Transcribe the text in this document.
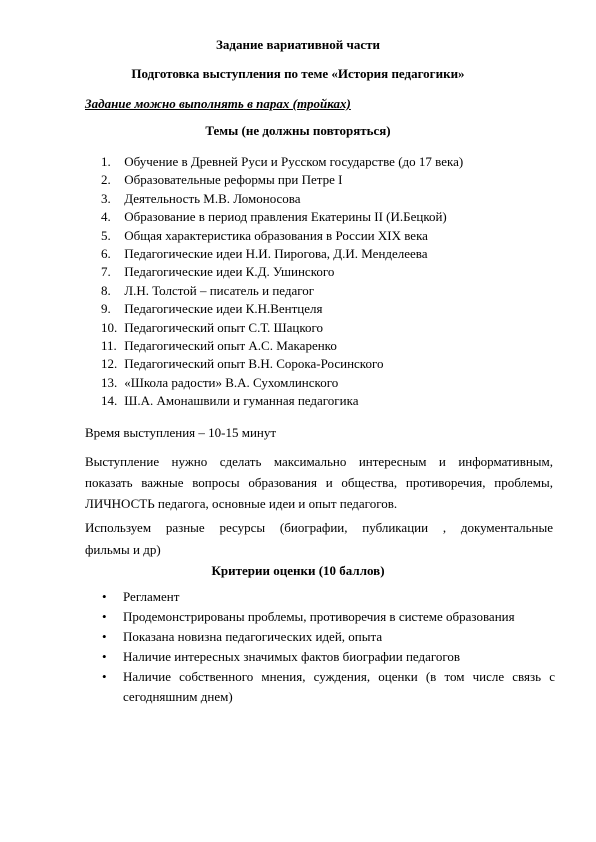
Задание вариативной части
Подготовка выступления по теме «История педагогики»
Задание можно выполнять в парах (тройках)
Темы (не должны повторяться)
1. Обучение в Древней Руси и Русском государстве (до 17 века)
2. Образовательные реформы при Петре I
3. Деятельность М.В. Ломоносова
4. Образование в период правления Екатерины II (И.Бецкой)
5. Общая характеристика образования в России XIX века
6. Педагогические идеи Н.И. Пирогова, Д.И. Менделеева
7. Педагогические идеи К.Д. Ушинского
8. Л.Н. Толстой – писатель и педагог
9. Педагогические идеи К.Н.Вентцеля
10. Педагогический опыт С.Т. Шацкого
11. Педагогический опыт А.С. Макаренко
12. Педагогический опыт В.Н. Сорока-Росинского
13. «Школа радости» В.А. Сухомлинского
14. Ш.А. Амонашвили и гуманная педагогика
Время выступления – 10-15 минут
Выступление нужно сделать максимально интересным и информативным,
показать важные вопросы образования и общества, противоречия, проблемы,
ЛИЧНОСТЬ педагога, основные идеи и опыт педагогов.
Используем разные ресурсы (биографии, публикации , документальные
фильмы и др)
Критерии оценки (10 баллов)
• Регламент
• Продемонстрированы проблемы, противоречия в системе образования
• Показана новизна педагогических идей, опыта
• Наличие интересных значимых фактов биографии педагогов
• Наличие собственного мнения, суждения, оценки (в том числе связь с сегодняшним днем)
